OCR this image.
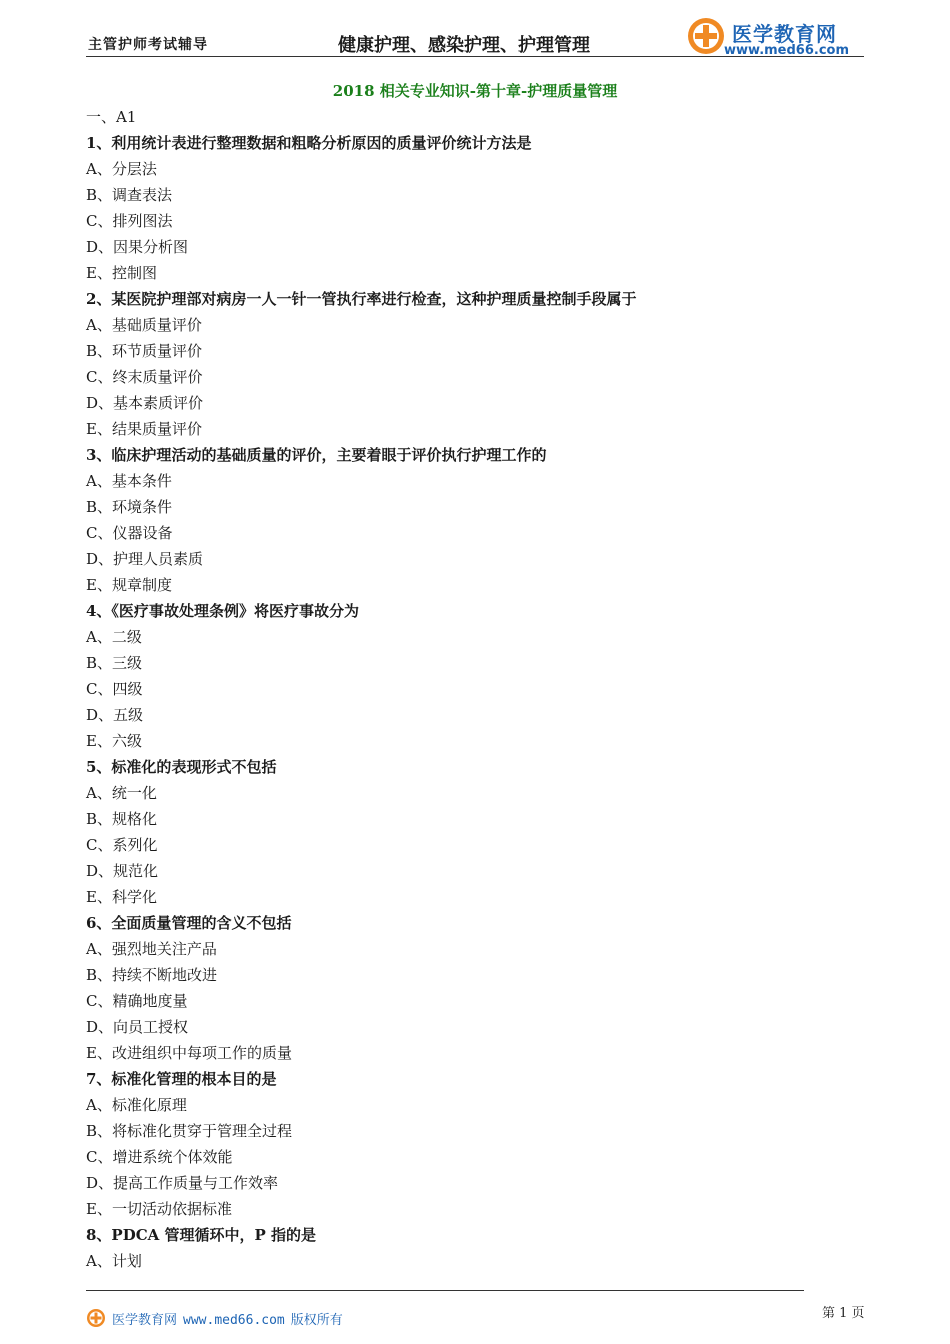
主管护师考试辅导	健康护理、感染护理、护理管理	医学教育网
www.med66.com
2018 相关专业知识-第十章-护理质量管理
一、A1
1、利用统计表进行整理数据和粗略分析原因的质量评价统计方法是
A、分层法
B、调查表法
C、排列图法
D、因果分析图
E、控制图
2、某医院护理部对病房一人一针一管执行率进行检查，这种护理质量控制手段属于
A、基础质量评价
B、环节质量评价
C、终末质量评价
D、基本素质评价
E、结果质量评价
3、临床护理活动的基础质量的评价，主要着眼于评价执行护理工作的
A、基本条件
B、环境条件
C、仪器设备
D、护理人员素质
E、规章制度
4、《医疗事故处理条例》将医疗事故分为
A、二级
B、三级
C、四级
D、五级
E、六级
5、标准化的表现形式不包括
A、统一化
B、规格化
C、系列化
D、规范化
E、科学化
6、全面质量管理的含义不包括
A、强烈地关注产品
B、持续不断地改进
C、精确地度量
D、向员工授权
E、改进组织中每项工作的质量
7、标准化管理的根本目的是
A、标准化原理
B、将标准化贯穿于管理全过程
C、增进系统个体效能
D、提高工作质量与工作效率
E、一切活动依据标准
8、PDCA 管理循环中，P 指的是
A、计划
医学教育网 www.med66.com 版权所有	第 1 页
